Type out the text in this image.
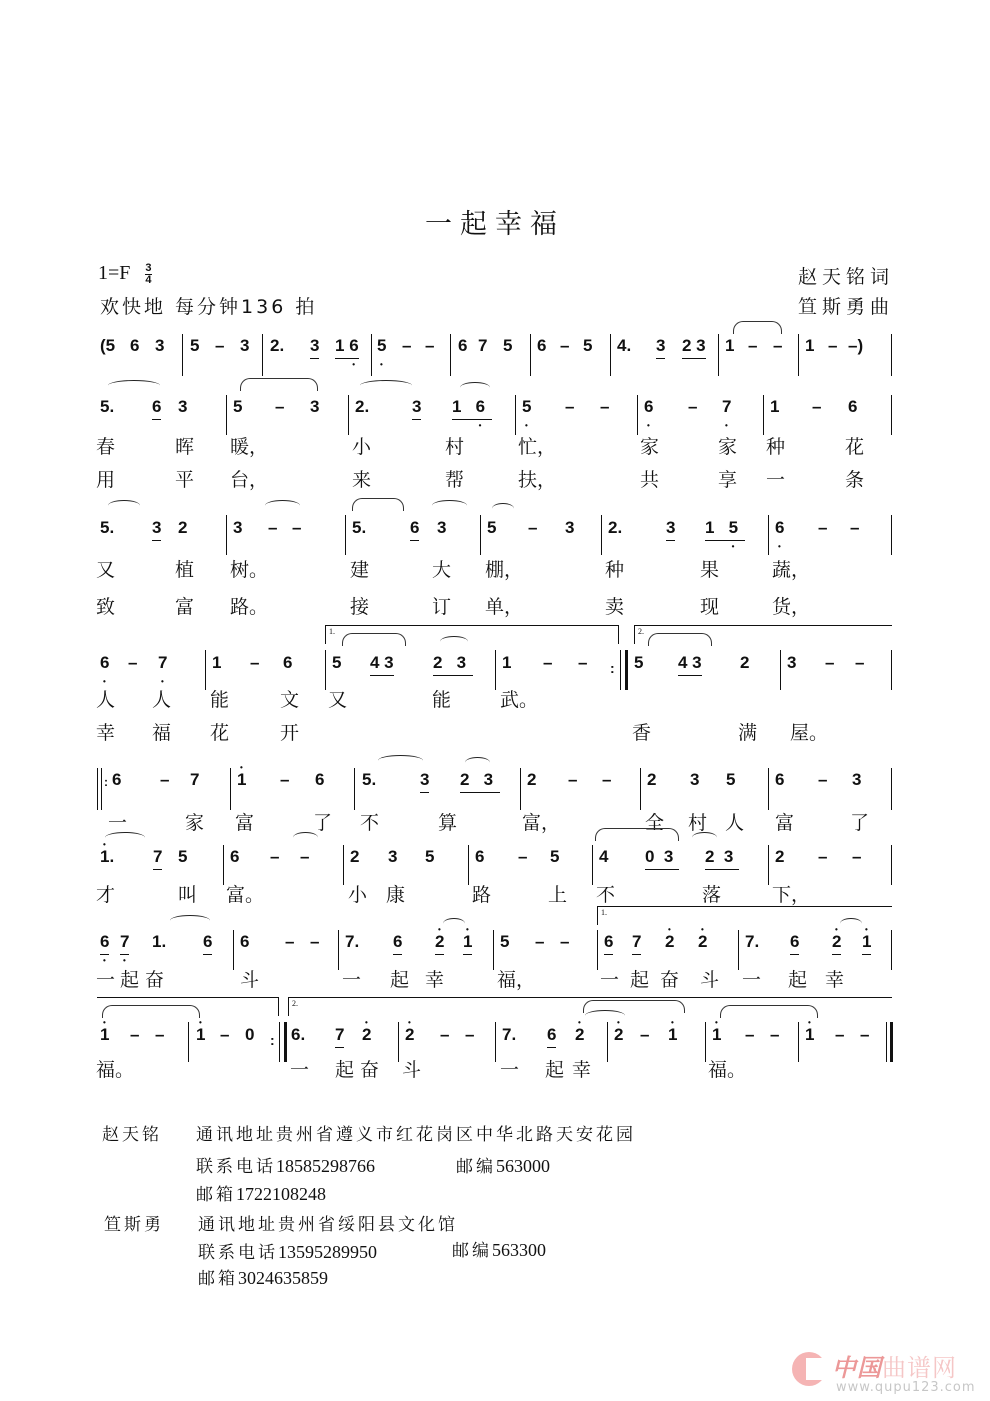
一起幸福
$1=F \frac{3}{4}$
欢快地 每分钟136 拍
赵天铭词
笪斯勇曲
(5 6 3 5 – 3 2. 3 1 • 6 • 5 – – 6 7 5 6 – 5 4. 3 2 3 1 – – 1 – –)
5. 6 3	5 – 3 2.	3 1   • 6	• 5 – – • 6 – • 7 1 – 6
春	晖 暖，	小	村	忙，	家	家 种	花
用	平 台，	来	帮	扶，	共	享 一	条
5. 3 2	3 – –	5.	6 3 5 – 3 2.	3 1   • 5	• 6 – –
又	植 树。	建	大 棚，	种	果	蔬，
致	富 路。	接	订 单，	卖	现	货，
1.	2.
• 6 – • 7	1 – 6 5 4 3 2   3	1 – – : 5 4 3 2 3 – –
人 人 能	文 又	能	武。
幸 福 花	开	香	满 屋。
: 6 – 7 • 1 – 6 5.	3 2   3	2 – – 2 3 5 6 – 3
一	家 富	了 不	算	富，	全 村 人 富	了
• 1. 7 5	6 – – 2 3 5 6 – 5 4 0  3	2  3	2 – –
才	叫 富。	小 康	路	上 不	落	下，
1.
• 6 • 7 1. 6 6 – – 7. 6 • 2 • 1 5 – – 6 7 • 2 • 2 7. 6 • 2 • 1
一 起 奋	斗	一 起 幸	福，	一 起 奋 斗 一 起 幸
2.
• 1 – – • 1 – 0 : 6. 7 • 2 • 2 – – 7. 6 • 2 • 2 – • 1 • 1 – – • 1 – –
福。	一 起 奋 斗	一 起 幸	福。
赵天铭 通讯地址贵州省遵义市红花岗区中华北路天安花园
联系电话18585298766	邮编563000
邮箱1722108248
笪斯勇 通讯地址贵州省绥阳县文化馆
联系电话13595289950	邮编563300
邮箱3024635859
中国曲谱网
www.qupu123.com
